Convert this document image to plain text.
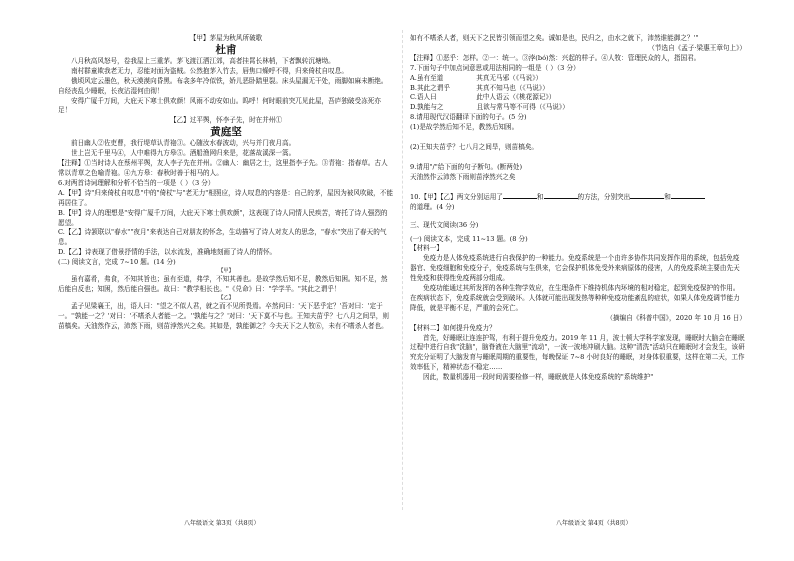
【甲】茅屋为秋风所破歌

杜甫

八月秋高风怒号，卷我屋上三重茅。茅飞渡江洒江郊，高者挂罥长林梢，下者飘转沉塘坳。

南村群童欺我老无力，忍能对面为盗贼。公然抱茅入竹去，唇焦口燥呼不得，归来倚杖自叹息。

俄顷风定云墨色，秋天漠漠向昏黑。布衾多年冷似铁，娇儿恶卧踏里裂。床头屋漏无干处，雨脚如麻未断绝。自经丧乱少睡眠，长夜沾湿何由彻！

安得广厦千万间，大庇天下寒士俱欢颜！风雨不动安如山。呜呼！何时眼前突兀见此屋，吾庐独破受冻死亦足！

【乙】过平舆，怀李子先，时在并州①

黄庭坚

前日幽人②佐吏曹，我行堤草认青袍③。心随汝水春波动，兴与并门夜月高。

世上岂无千里马④，人中难得九方皋⑤。酒船渔网归来是，花落故溪深一篙。

【注释】①当时诗人在蔡州平舆，友人李子先在并州。②幽人：幽居之士，这里指李子先。③青袍：指春草。古人常以青草之色喻青袍。④九方皋：春秋时善于相马的人。

6.对两首诗词理解和分析不恰当的一项是（ ）（3 分）

A.【甲】诗"归来倚杖自叹息"中的"倚杖"与"老无力"相照应，诗人叹息的内容是：自己的茅，屋因为被风吹破，不能再居住了。

B.【甲】诗人的理想是"安得广厦千万间，大庇天下寒士俱欢颜"，这表现了诗人同情人民疾苦，寄托了诗人强烈的愿望。

C.【乙】诗颔联以"春水""夜月"来表达自己对朋友的怀念，生动描写了诗人对友人的思念，"春水"突出了春天的气息。

D.【乙】诗表现了借景抒情的手法，以水流发，准确地刻画了诗人的情怀。

(二) 阅读文言，完成 7~10 题。(14 分)

【甲】

虽有嘉肴，弗食，不知其旨也；虽有至道，弗学，不知其善也。是故学然后知不足，教然后知困。知不足，然后能自反也；知困，然后能自强也。故曰："教学相长也。"《兑命》曰："学学半。"其此之谓乎！

【乙】

孟子见梁襄王，出，语人曰："望之不似人君，就之而不见所畏焉。卒然问曰：'天下恶乎定？'吾对曰：'定于一。''孰能一之？'对曰：'不嗜杀人者能一之。''孰能与之？'对曰：'天下莫不与也。王知夫苗乎？七八月之间旱，则苗槁矣。天油然作云，沛然下雨，则苗浡然兴之矣。其如是，孰能御之？今夫天下之人牧⑥，未有不嗜杀人者也。

八年级语文 第3页（共8页）

如有不嗜杀人者，则天下之民皆引领而望之矣。诚如是也，民归之，由水之就下，沛然谁能御之？'"

（节选自《孟子·梁惠王章句上》）

【注释】①恶乎：怎样。②一：统一。③浡(bó)然：兴起的样子。④人牧：管理民众的人，指国君。

7.下面句子中加点词意思或用法相同的一组是（ ）（3 分）

A.虽有至道　　　　　其真无马邪（《马说》）

B.其此之谓乎　　　　其真不知马也（《马说》）

C.语人曰　　　　　　此中人语云（《桃花源记》）

D.孰能与之　　　　　且欲与常马等不可得（《马说》）

8.请用现代汉语翻译下面的句子。(5 分)

(1)是故学然后知不足，教然后知困。

(2)王知夫苗乎？七八月之间旱，则苗槁矣。

9.请用"/"给下面的句子断句。(断两处)

天油然作云沛然下雨则苗浡然兴之矣

10.【甲】【乙】两文分别运用了	和	的方法，分别突出	和

的道理。(4 分)

三、现代文阅读(36 分)

(一) 阅读文本，完成 11~13 题。(8 分)

【材料一】

免疫力是人体免疫系统进行自我保护的一种能力。免疫系统是一个由许多协作共同发挥作用的系统，包括免疫器官、免疫细胞和免疫分子，免疫系统与生俱来，它会保护机体免受外来病原体的侵害，人的免疫系统主要由先天性免疫和获得性免疫两部分组成。

免疫功能通过其所发挥的各种生物学效应，在生理条件下维持机体内环境的相对稳定，起到免疫保护的作用。在疾病状态下，免疫系统就会受到破坏。人体就可能出现发热等种种免疫功能紊乱的症状，如果人体免疫调节能力降低，就是平衡不足，严重的会死亡。

（摘编自《科普中国》，2020 年 10 月 16 日）

【材料二】如何提升免疫力？

首先，好睡眠让连连护驾，有利于提升免疫力。2019 年 11 月，波士顿大学科学家发现，睡眠时大脑会在睡眠过程中进行自我"洗脑"，脑脊液在大脑里"流动"，一波一波地冲刷大脑。这种"清洗"活动只在睡眠时才会发生，该研究充分证明了大脑发育与睡眠周期的重要性，每晚保证 7~8 小时良好的睡眠，对身体很重要，这样在第二天，工作效率低下，精神状态不稳定……

因此，数量机器用一段时间需要检修一样，睡眠就是人体免疫系统的"系统维护"

八年级语文 第4页（共8页）
